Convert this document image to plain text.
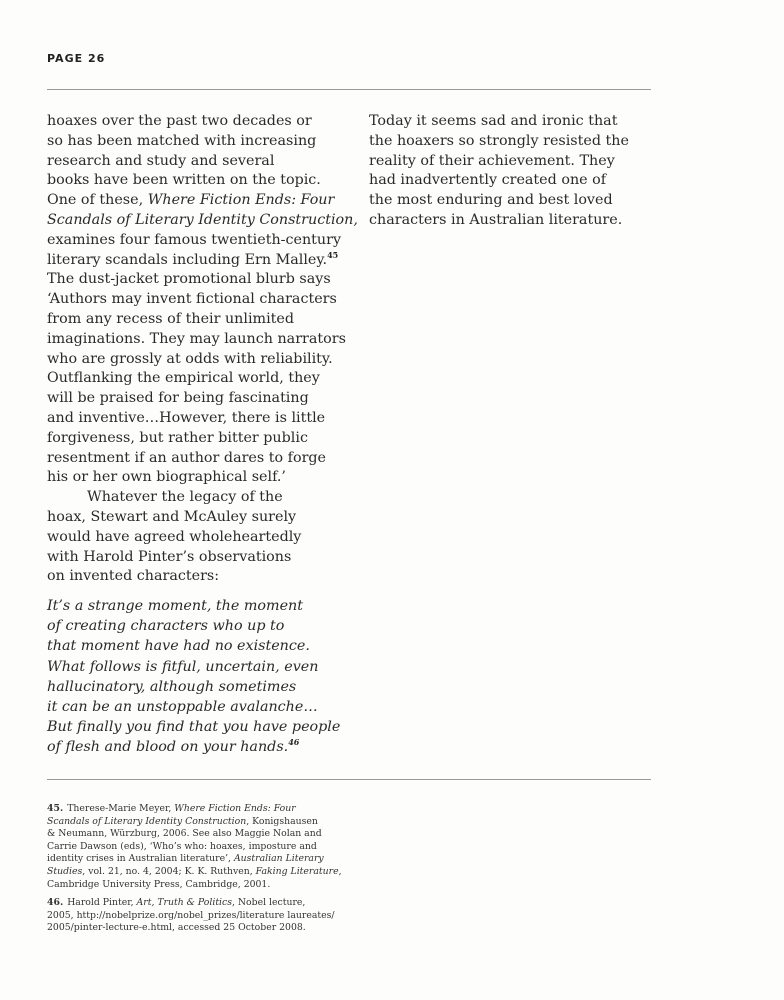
PAGE 26
hoaxes over the past two decades or
so has been matched with increasing
research and study and several
books have been written on the topic.
One of these, Where Fiction Ends: Four
Scandals of Literary Identity Construction,
examines four famous twentieth-century
literary scandals including Ern Malley.$^{45}$
The dust-jacket promotional blurb says
‘Authors may invent fictional characters
from any recess of their unlimited
imaginations. They may launch narrators
who are grossly at odds with reliability.
Outflanking the empirical world, they
will be praised for being fascinating
and inventive…However, there is little
forgiveness, but rather bitter public
resentment if an author dares to forge
his or her own biographical self.’
Whatever the legacy of the
hoax, Stewart and McAuley surely
would have agreed wholeheartedly
with Harold Pinter’s observations
on invented characters:
It’s a strange moment, the moment
of creating characters who up to
that moment have had no existence.
What follows is fitful, uncertain, even
hallucinatory, although sometimes
it can be an unstoppable avalanche…
But finally you find that you have people
of flesh and blood on your hands.$^{46}$
Today it seems sad and ironic that
the hoaxers so strongly resisted the
reality of their achievement. They
had inadvertently created one of
the most enduring and best loved
characters in Australian literature.
45. Therese-Marie Meyer, Where Fiction Ends: Four
Scandals of Literary Identity Construction, Konigshausen
& Neumann, Würzburg, 2006. See also Maggie Nolan and
Carrie Dawson (eds), ‘Who’s who: hoaxes, imposture and
identity crises in Australian literature’, Australian Literary
Studies, vol. 21, no. 4, 2004; K. K. Ruthven, Faking Literature,
Cambridge University Press, Cambridge, 2001.
46. Harold Pinter, Art, Truth & Politics, Nobel lecture,
2005, http://nobelprize.org/nobel_prizes/literature laureates/
2005/pinter-lecture-e.html, accessed 25 October 2008.
